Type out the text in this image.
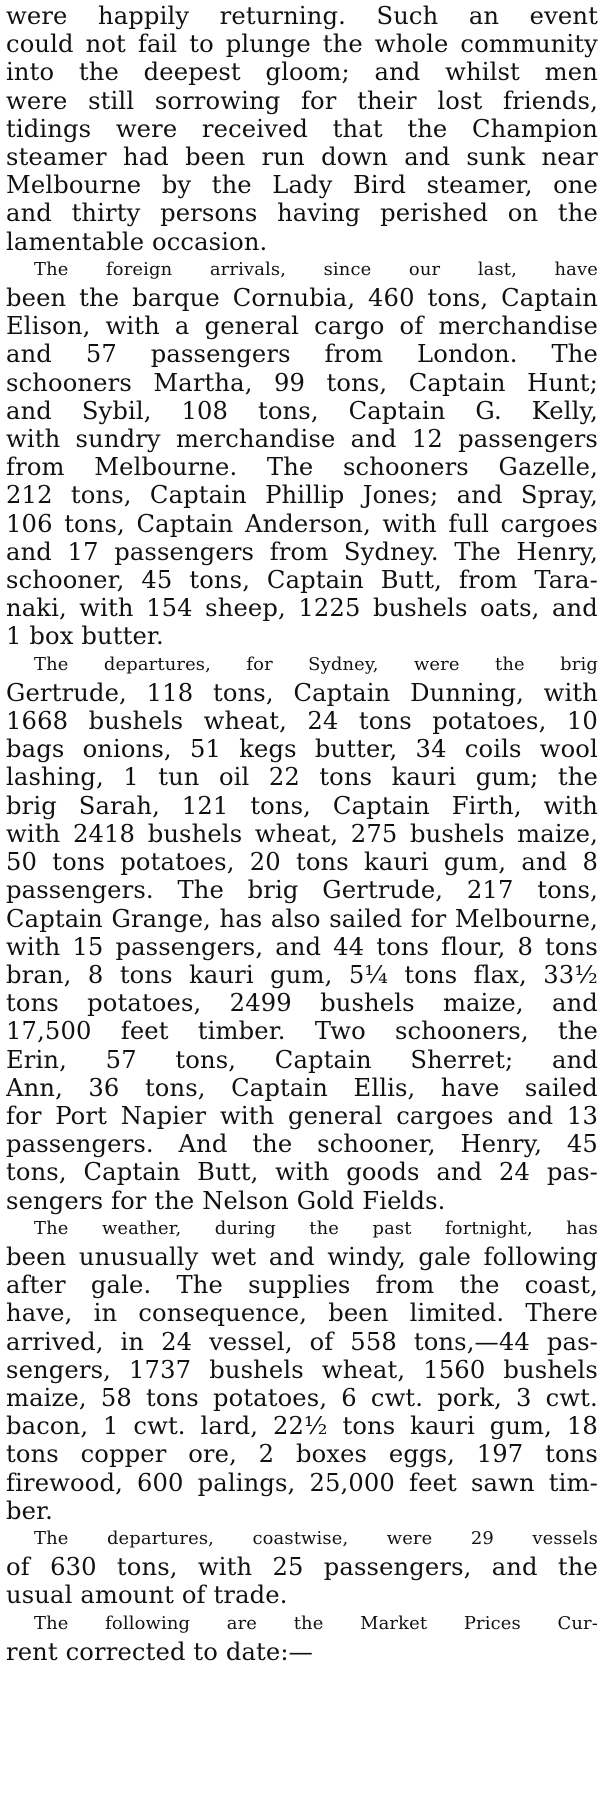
were happily returning. Such an event
could not fail to plunge the whole community
into the deepest gloom; and whilst men
were still sorrowing for their lost friends,
tidings were received that the Champion
steamer had been run down and sunk near
Melbourne by the Lady Bird steamer, one
and thirty persons having perished on the
lamentable occasion.

The foreign arrivals, since our last, have
been the barque Cornubia, 460 tons, Captain
Elison, with a general cargo of merchandise
and 57 passengers from London. The
schooners Martha, 99 tons, Captain Hunt;
and Sybil, 108 tons, Captain G. Kelly,
with sundry merchandise and 12 passengers
from Melbourne. The schooners Gazelle,
212 tons, Captain Phillip Jones; and Spray,
106 tons, Captain Anderson, with full cargoes
and 17 passengers from Sydney. The Henry,
schooner, 45 tons, Captain Butt, from Tara-
naki, with 154 sheep, 1225 bushels oats, and
1 box butter.

The departures, for Sydney, were the brig
Gertrude, 118 tons, Captain Dunning, with
1668 bushels wheat, 24 tons potatoes, 10
bags onions, 51 kegs butter, 34 coils wool
lashing, 1 tun oil 22 tons kauri gum; the
brig Sarah, 121 tons, Captain Firth, with
with 2418 bushels wheat, 275 bushels maize,
50 tons potatoes, 20 tons kauri gum, and 8
passengers. The brig Gertrude, 217 tons,
Captain Grange, has also sailed for Melbourne,
with 15 passengers, and 44 tons flour, 8 tons
bran, 8 tons kauri gum, 5¼ tons flax, 33½
tons potatoes, 2499 bushels maize, and
17,500 feet timber. Two schooners, the
Erin, 57 tons, Captain Sherret; and
Ann, 36 tons, Captain Ellis, have sailed
for Port Napier with general cargoes and 13
passengers. And the schooner, Henry, 45
tons, Captain Butt, with goods and 24 pas-
sengers for the Nelson Gold Fields.

The weather, during the past fortnight, has
been unusually wet and windy, gale following
after gale. The supplies from the coast,
have, in consequence, been limited. There
arrived, in 24 vessel, of 558 tons,—44 pas-
sengers, 1737 bushels wheat, 1560 bushels
maize, 58 tons potatoes, 6 cwt. pork, 3 cwt.
bacon, 1 cwt. lard, 22½ tons kauri gum, 18
tons copper ore, 2 boxes eggs, 197 tons
firewood, 600 palings, 25,000 feet sawn tim-
ber.

The departures, coastwise, were 29 vessels
of 630 tons, with 25 passengers, and the
usual amount of trade.

The following are the Market Prices Cur-
rent corrected to date:—
